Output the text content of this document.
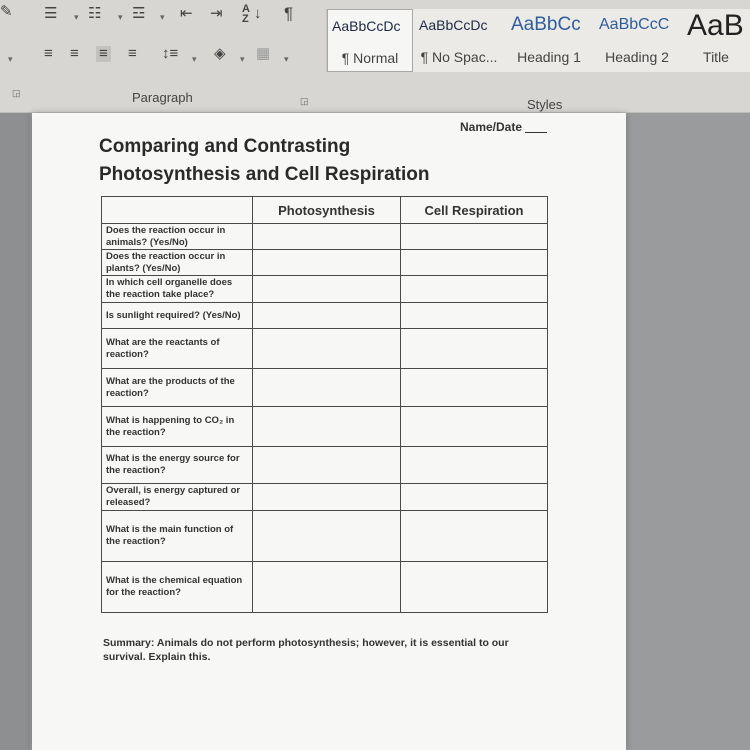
✎ ☰ ▾ ☷ ▾ ☲ ▾ ⇤ ⇥ A
Z ↓ ¶
▾ ≡ ≡ ≡ ≡ ↕≡ ▾ ◈ ▾ ▦ ▾
◲	Paragraph	◲	Styles
AaBbCcDc
¶ Normal
AaBbCcDc
¶ No Spac...
AaBbCc
Heading 1
AaBbCcC
Heading 2
AaB
Title
Name/Date
Comparing and Contrasting
Photosynthesis and Cell Respiration
	Photosynthesis	Cell Respiration
Does the reaction occur in animals? (Yes/No)		
Does the reaction occur in plants? (Yes/No)		
In which cell organelle does the reaction take place?		
Is sunlight required? (Yes/No)		
What are the reactants of reaction?		
What are the products of the reaction?		
What is happening to CO₂ in the reaction?		
What is the energy source for the reaction?		
Overall, is energy captured or released?		
What is the main function of the reaction?		
What is the chemical equation for the reaction?		
Summary: Animals do not perform photosynthesis; however, it is essential to our survival. Explain this.
